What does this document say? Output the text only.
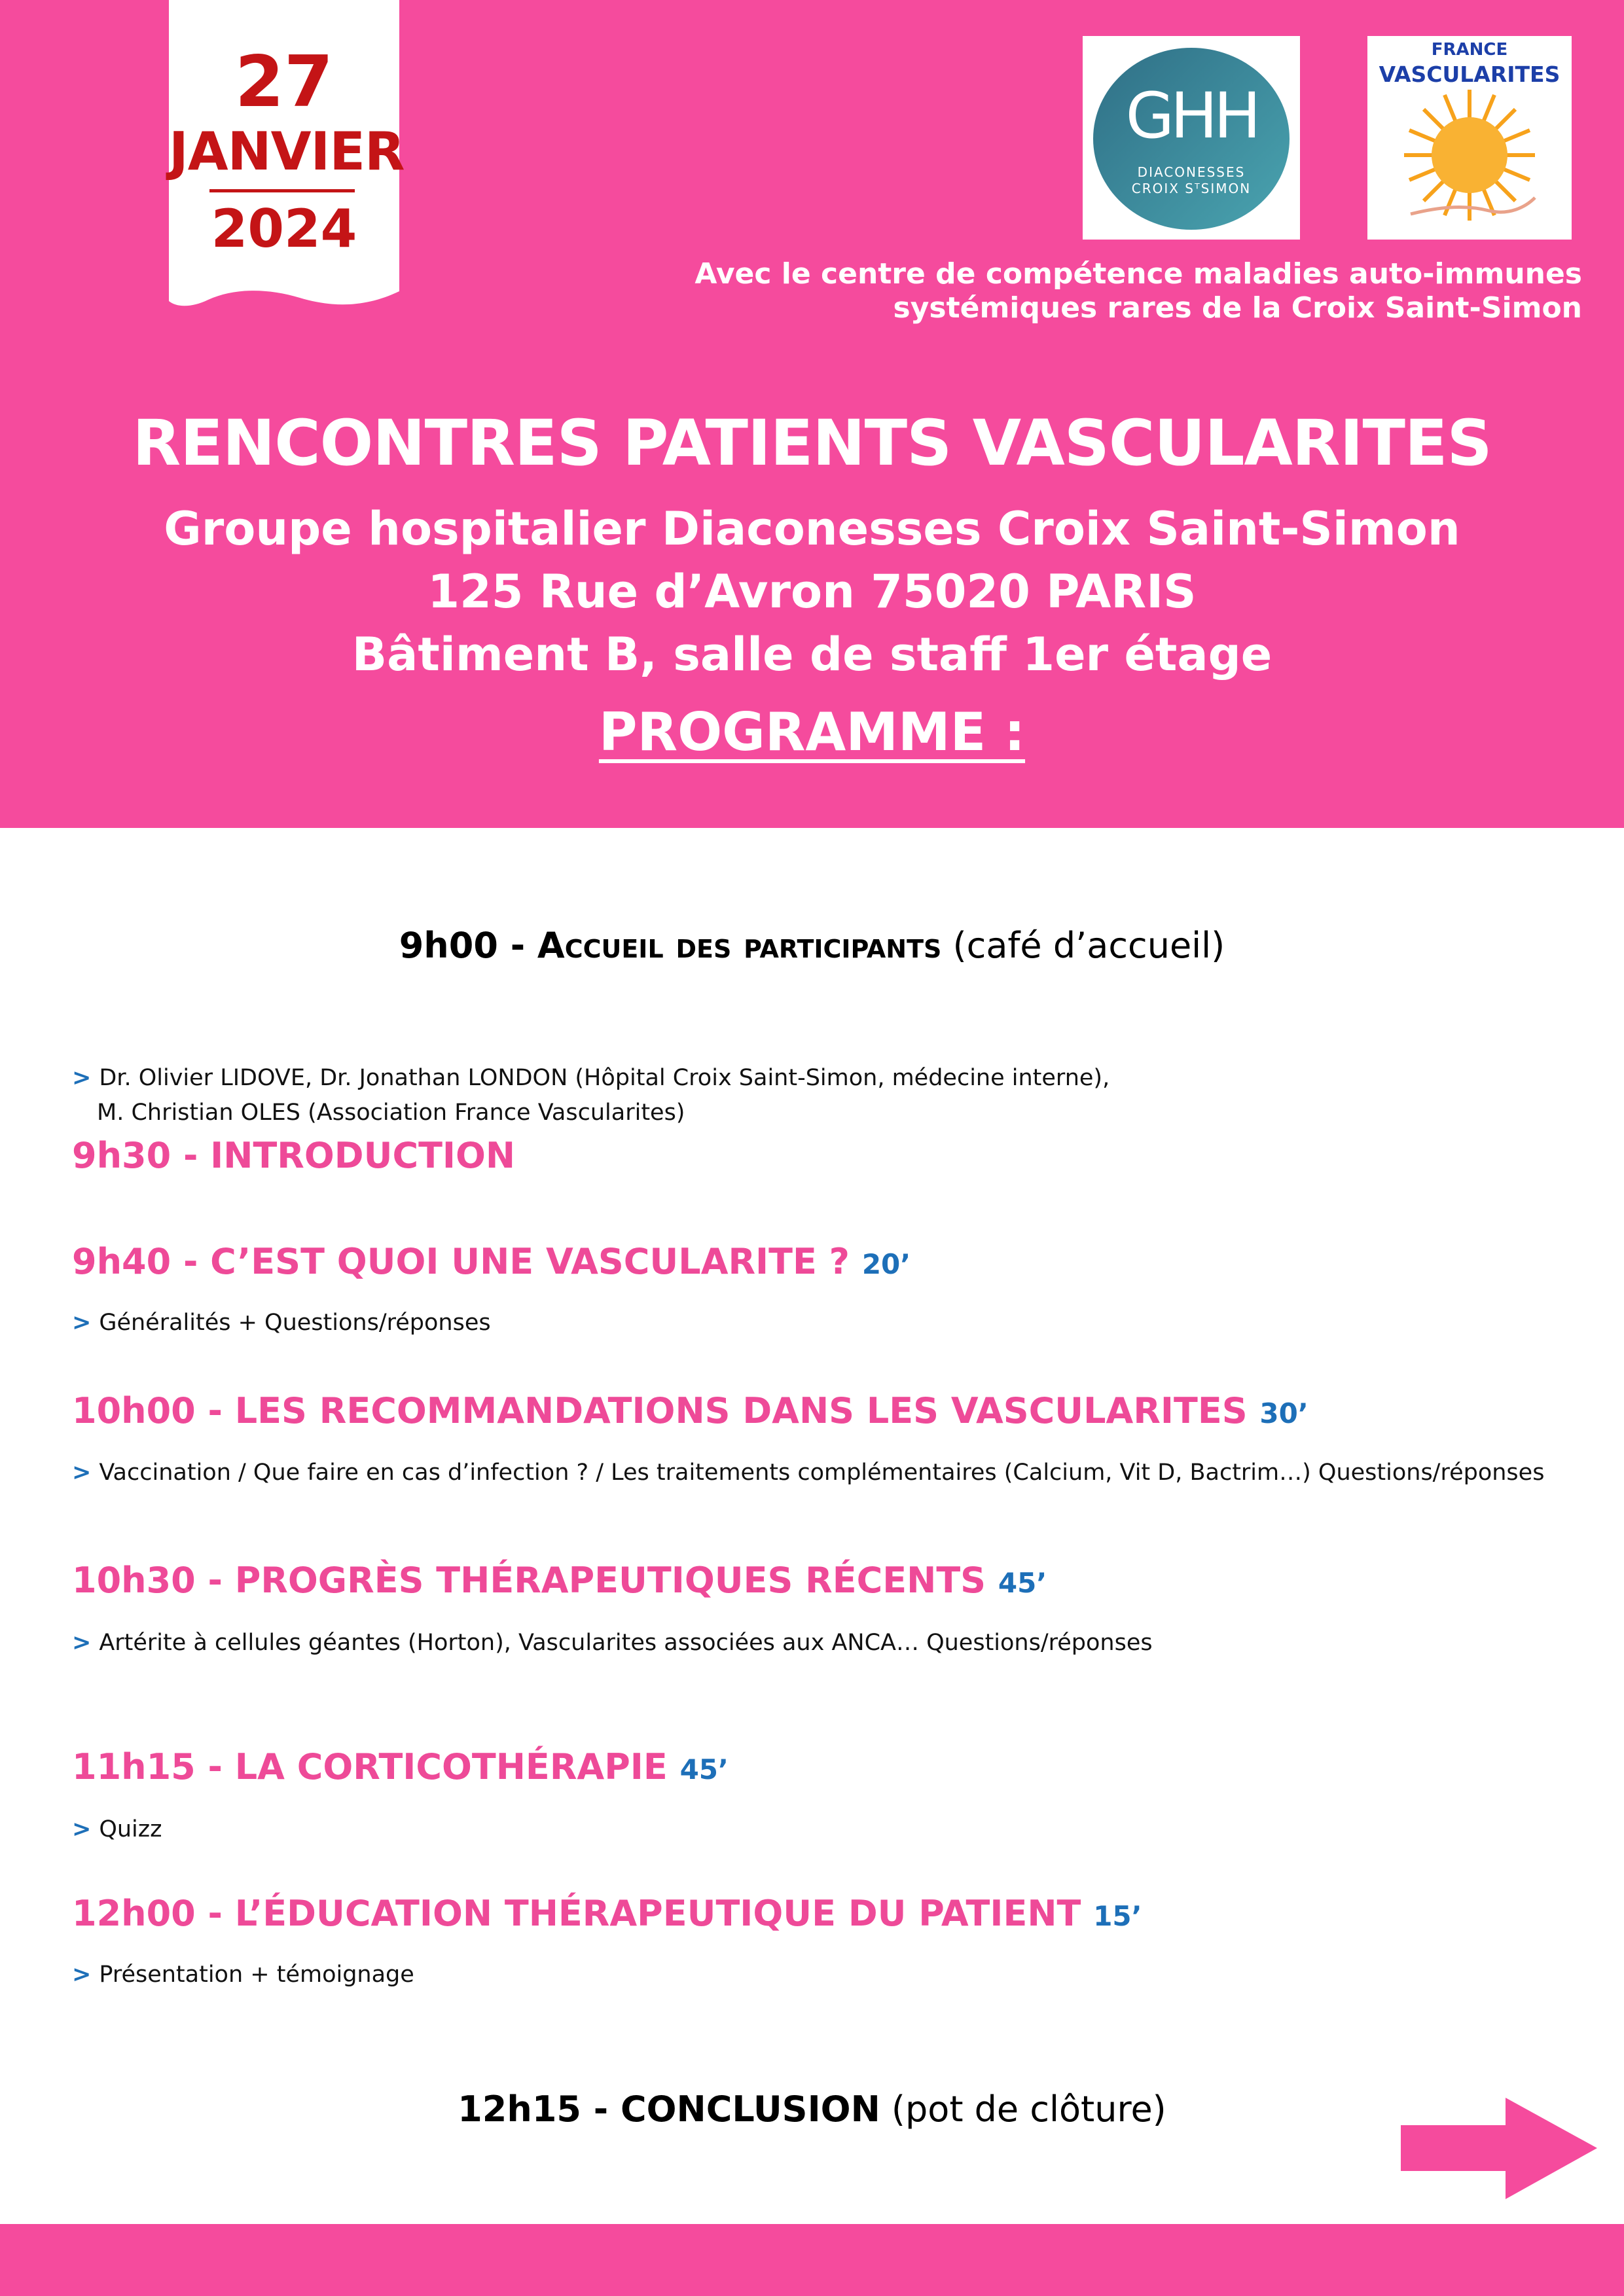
27
JANVIER
2024
GHH
DIACONESSES
CROIX SᵀSIMON
FRANCE
VASCULARITES
Avec le centre de compétence maladies auto-immunes
systémiques rares de la Croix Saint-Simon
RENCONTRES PATIENTS VASCULARITES
Groupe hospitalier Diaconesses Croix Saint-Simon
125 Rue d’Avron 75020 PARIS
Bâtiment B, salle de staff 1er étage
PROGRAMME :
9h00 - Accueil des participants (café d’accueil)
> Dr. Olivier LIDOVE, Dr. Jonathan LONDON (Hôpital Croix Saint-Simon, médecine interne),
M. Christian OLES (Association France Vascularites)
9h30 - INTRODUCTION
9h40 - C’EST QUOI UNE VASCULARITE ? 20’
> Généralités + Questions/réponses
10h00 - LES RECOMMANDATIONS DANS LES VASCULARITES 30’
> Vaccination / Que faire en cas d’infection ? / Les traitements complémentaires (Calcium, Vit D, Bactrim…) Questions/réponses
10h30 - PROGRÈS THÉRAPEUTIQUES RÉCENTS 45’
> Artérite à cellules géantes (Horton), Vascularites associées aux ANCA… Questions/réponses
11h15 - LA CORTICOTHÉRAPIE 45’
> Quizz
12h00 - L’ÉDUCATION THÉRAPEUTIQUE DU PATIENT 15’
> Présentation + témoignage
12h15 - CONCLUSION (pot de clôture)
